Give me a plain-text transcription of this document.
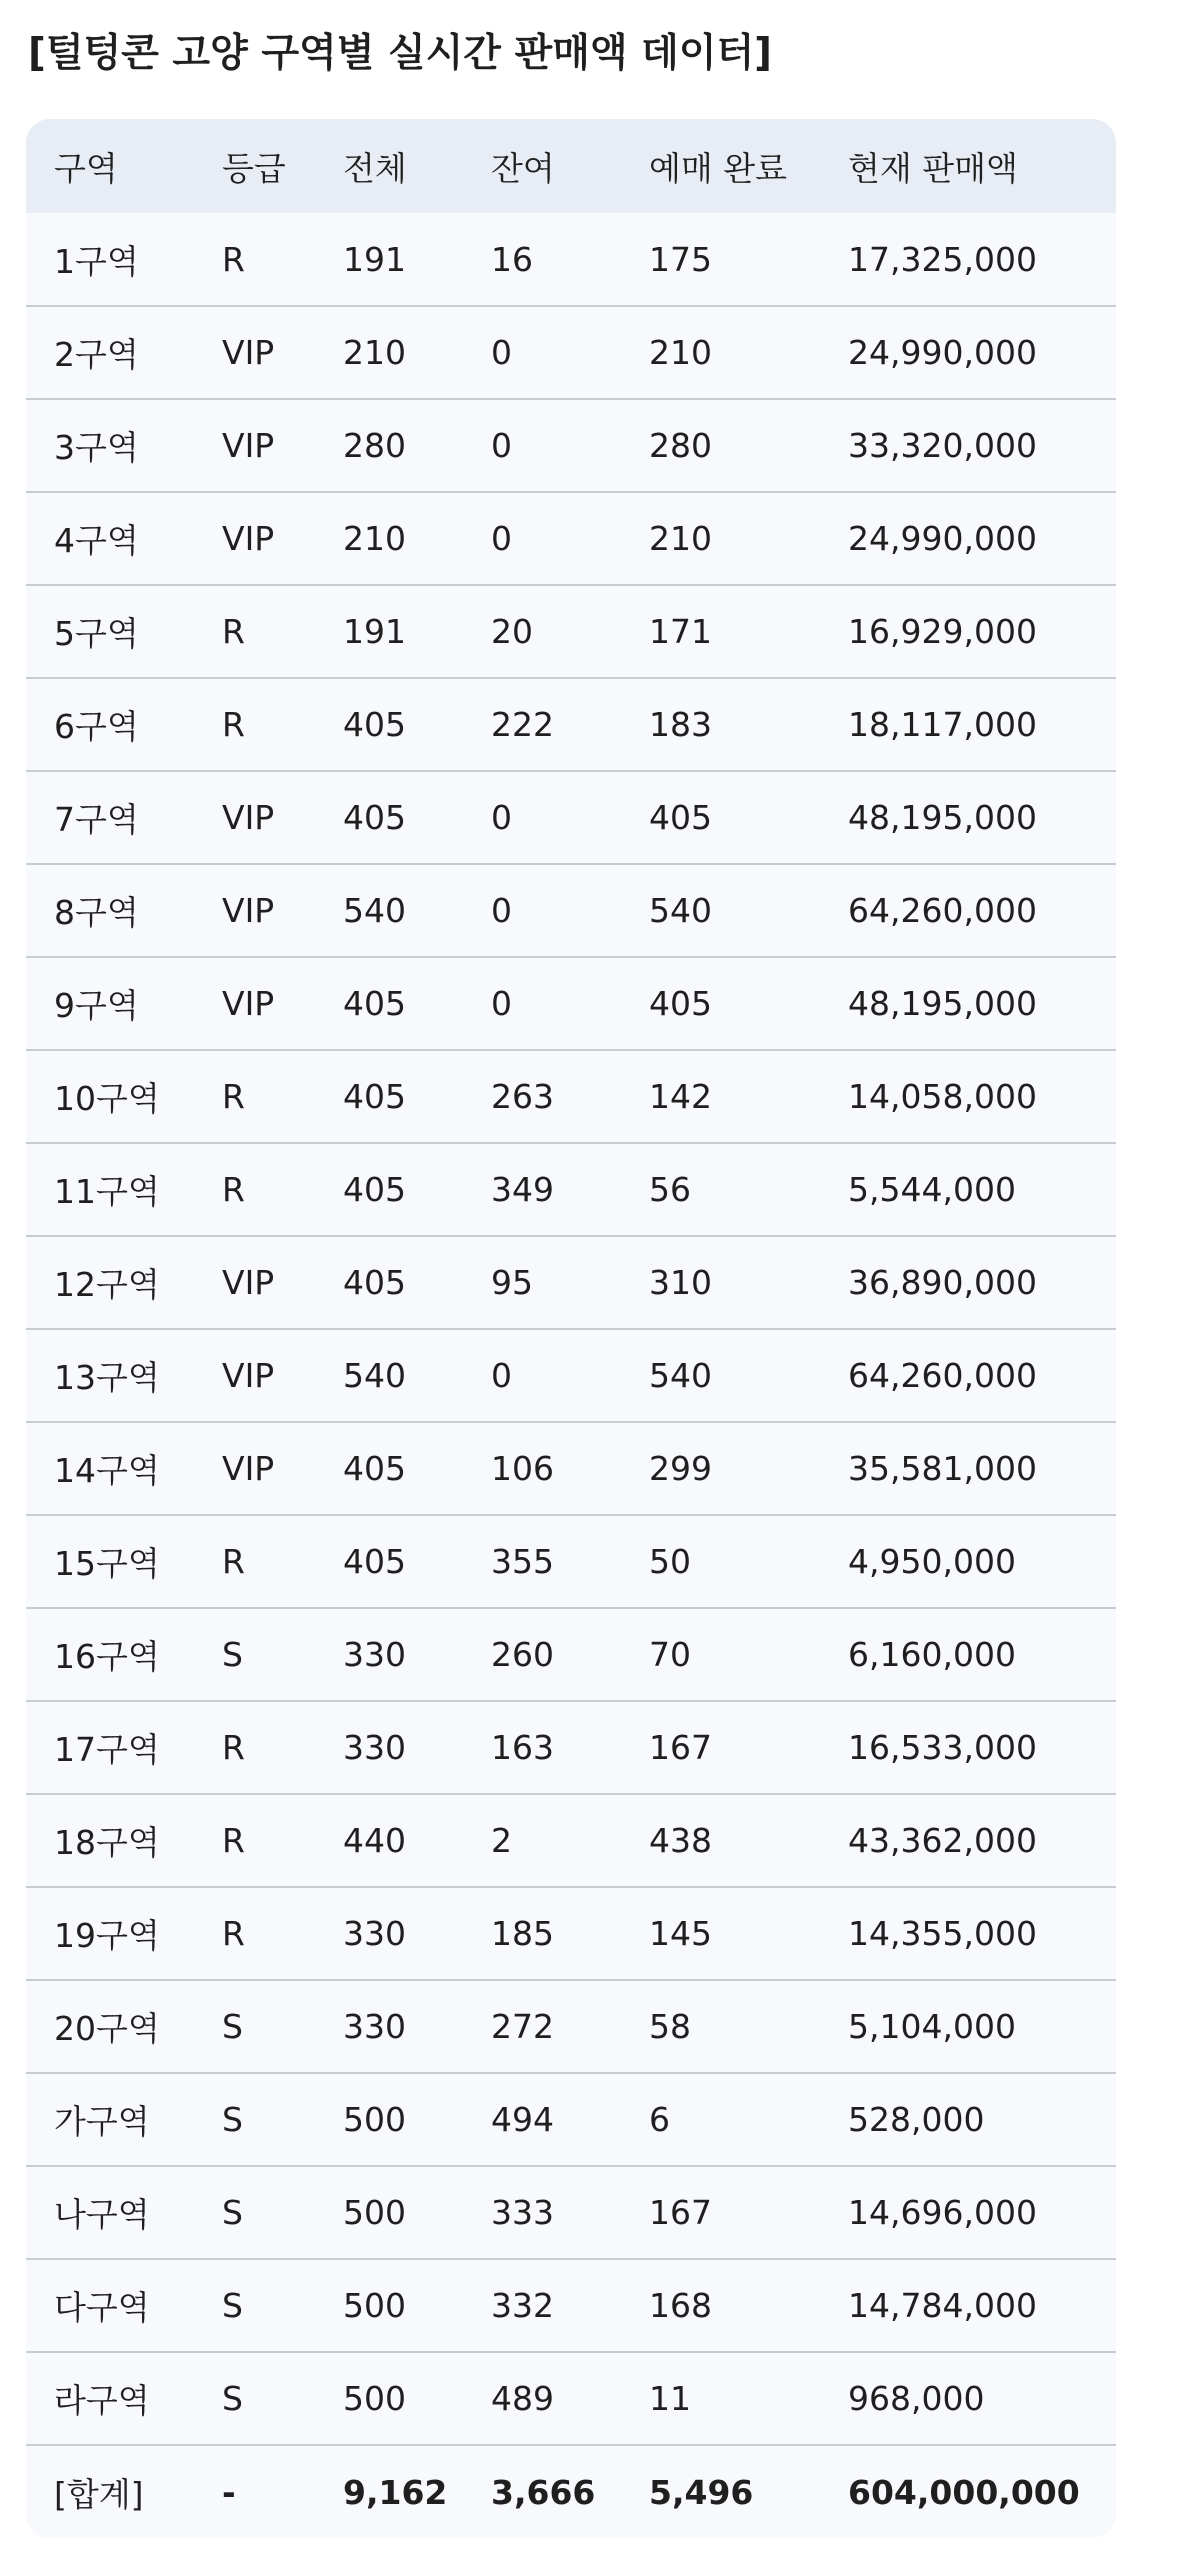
[털텅콘 고양 구역별 실시간 판매액 데이터]
구역	등급	전체	잔여	예매 완료	현재 판매액
1구역	R	191	16	175	17,325,000
2구역	VIP	210	0	210	24,990,000
3구역	VIP	280	0	280	33,320,000
4구역	VIP	210	0	210	24,990,000
5구역	R	191	20	171	16,929,000
6구역	R	405	222	183	18,117,000
7구역	VIP	405	0	405	48,195,000
8구역	VIP	540	0	540	64,260,000
9구역	VIP	405	0	405	48,195,000
10구역	R	405	263	142	14,058,000
11구역	R	405	349	56	5,544,000
12구역	VIP	405	95	310	36,890,000
13구역	VIP	540	0	540	64,260,000
14구역	VIP	405	106	299	35,581,000
15구역	R	405	355	50	4,950,000
16구역	S	330	260	70	6,160,000
17구역	R	330	163	167	16,533,000
18구역	R	440	2	438	43,362,000
19구역	R	330	185	145	14,355,000
20구역	S	330	272	58	5,104,000
가구역	S	500	494	6	528,000
나구역	S	500	333	167	14,696,000
다구역	S	500	332	168	14,784,000
라구역	S	500	489	11	968,000
[합계]	-	9,162	3,666	5,496	604,000,000
